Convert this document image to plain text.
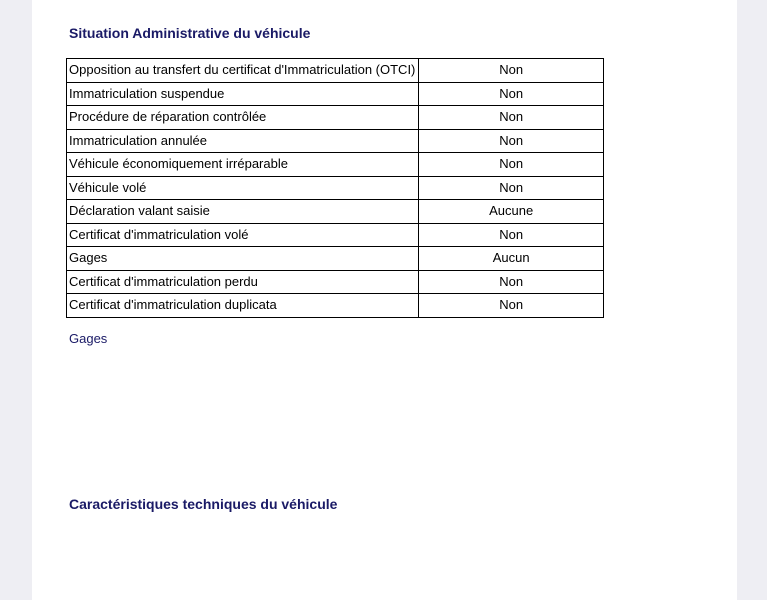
Situation Administrative du véhicule
Opposition au transfert du certificat d'Immatriculation (OTCI)	Non
Immatriculation suspendue	Non
Procédure de réparation contrôlée	Non
Immatriculation annulée	Non
Véhicule économiquement irréparable	Non
Véhicule volé	Non
Déclaration valant saisie	Aucune
Certificat d'immatriculation volé	Non
Gages	Aucun
Certificat d'immatriculation perdu	Non
Certificat d'immatriculation duplicata	Non
Gages
Caractéristiques techniques du véhicule
